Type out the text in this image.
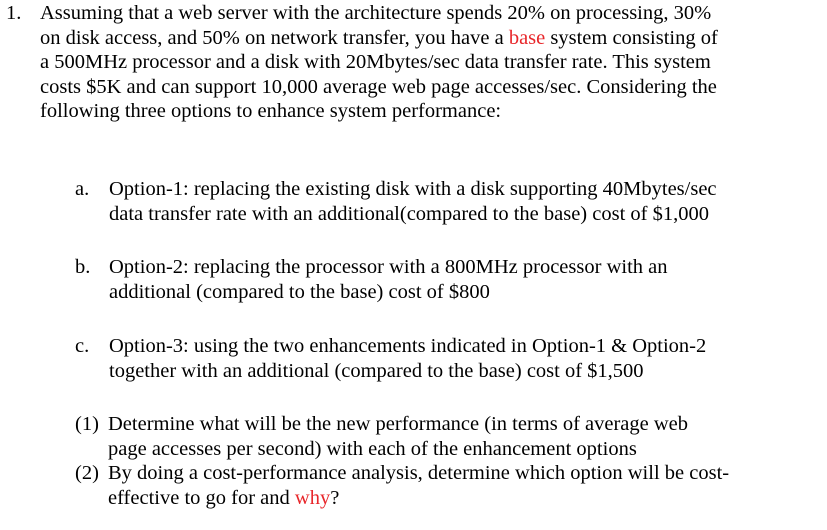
1. Assuming that a web server with the architecture spends 20% on processing, 30%
on disk access, and 50% on network transfer, you have a base system consisting of
a 500MHz processor and a disk with 20Mbytes/sec data transfer rate. This system
costs $5K and can support 10,000 average web page accesses/sec. Considering the
following three options to enhance system performance:
a. Option-1: replacing the existing disk with a disk supporting 40Mbytes/sec
data transfer rate with an additional(compared to the base) cost of $1,000
b. Option-2: replacing the processor with a 800MHz processor with an
additional (compared to the base) cost of $800
c. Option-3: using the two enhancements indicated in Option-1 & Option-2
together with an additional (compared to the base) cost of $1,500
(1) Determine what will be the new performance (in terms of average web
page accesses per second) with each of the enhancement options
(2) By doing a cost-performance analysis, determine which option will be cost-
effective to go for and why?
